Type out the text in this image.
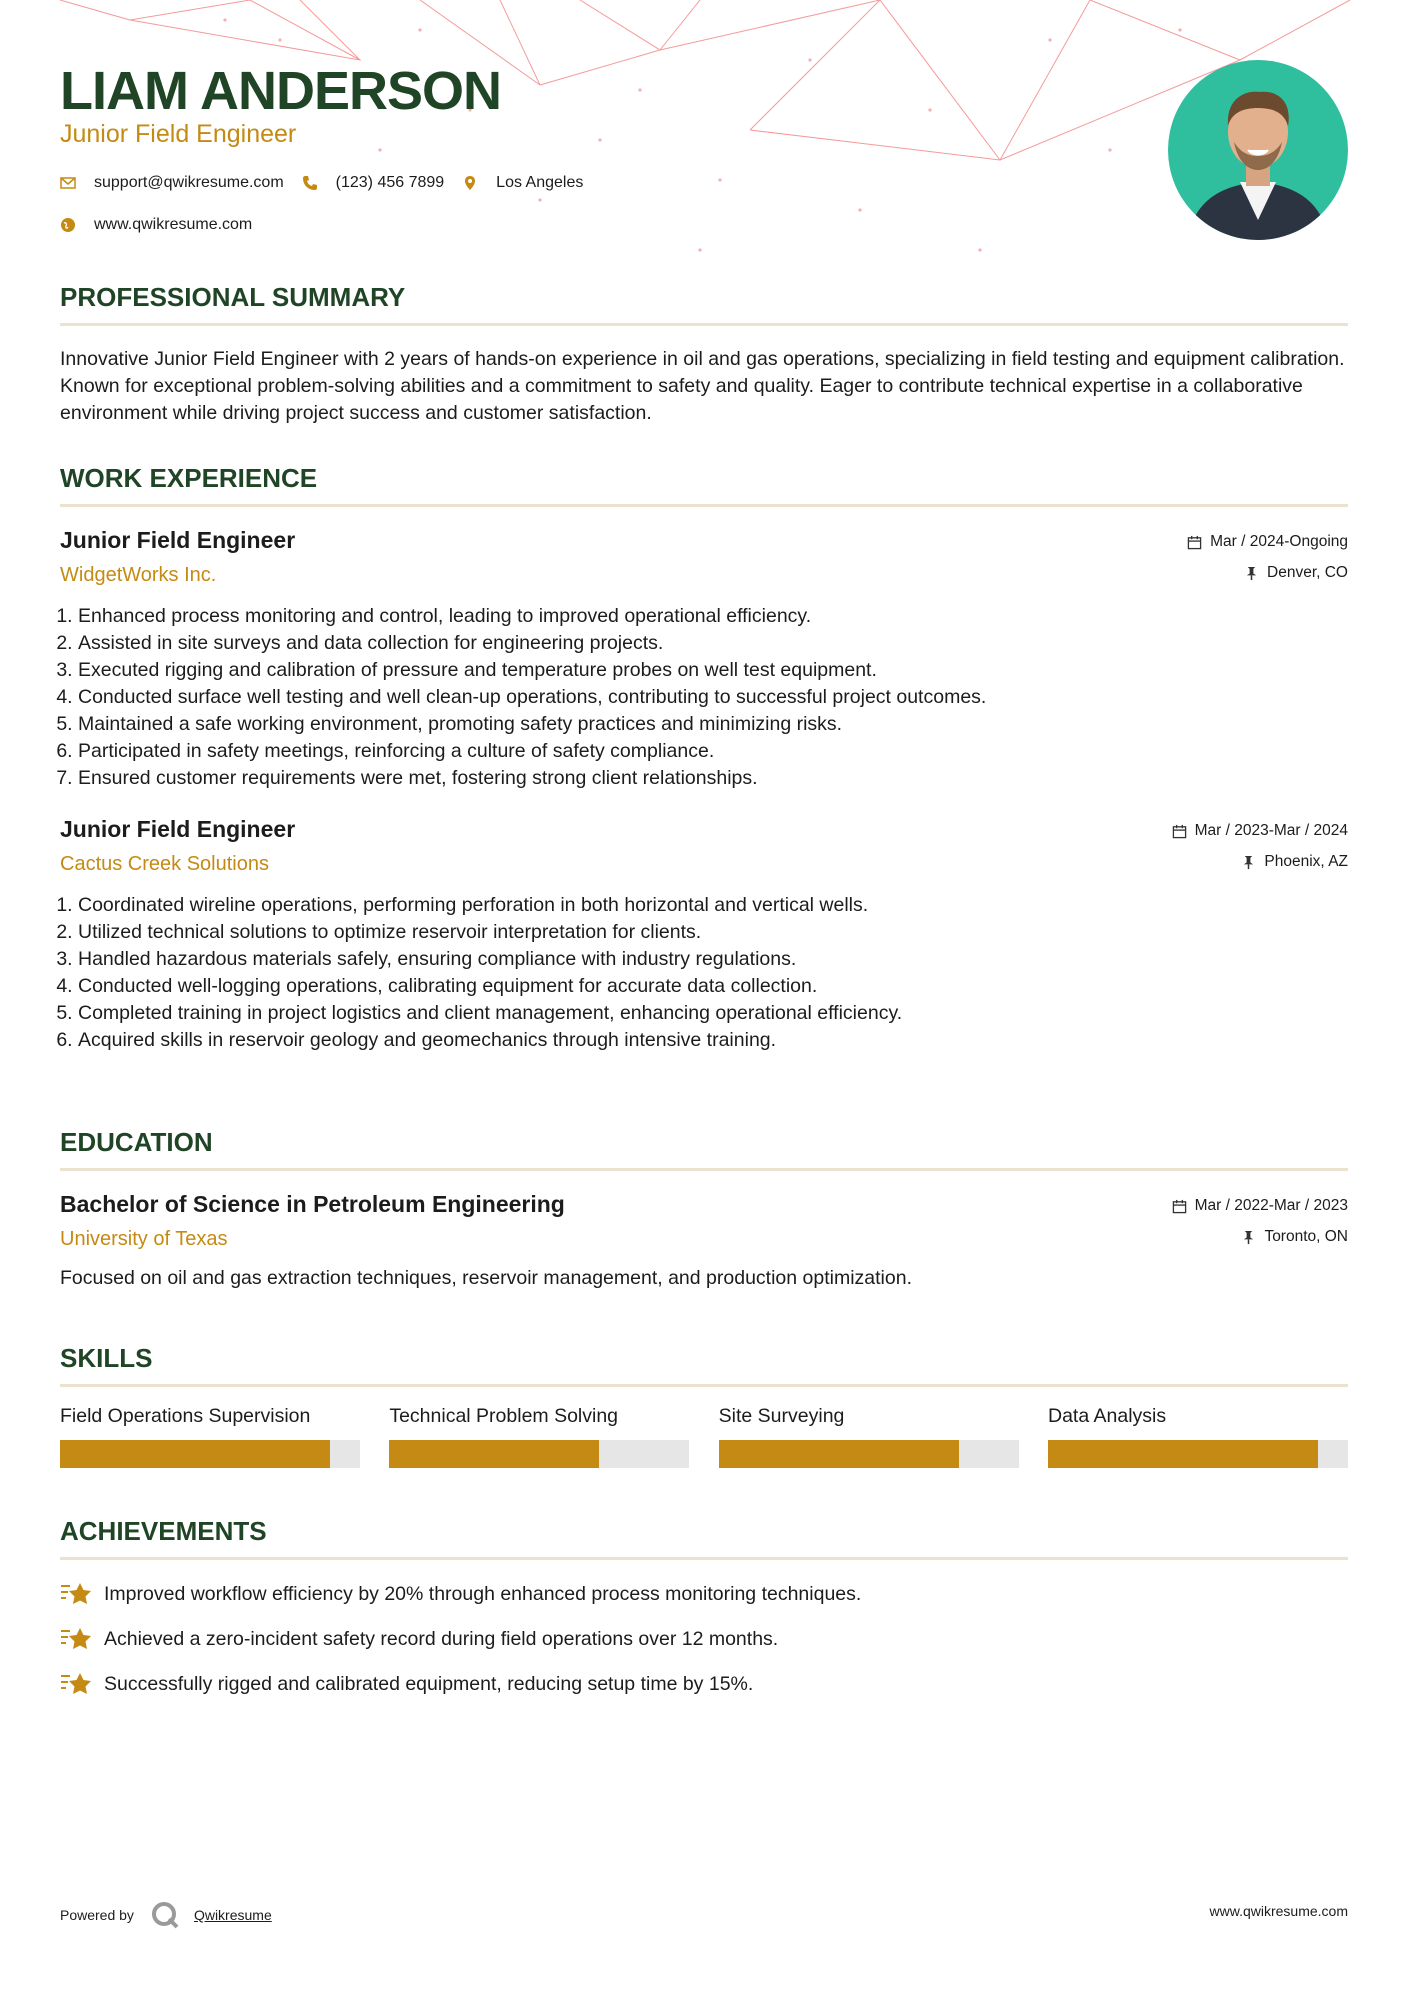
LIAM ANDERSON
Junior Field Engineer
support@qwikresume.com	(123) 456 7899	Los Angeles
www.qwikresume.com
PROFESSIONAL SUMMARY

Innovative Junior Field Engineer with 2 years of hands-on experience in oil and gas operations, specializing in field testing and equipment calibration. Known for exceptional problem-solving abilities and a commitment to safety and quality. Eager to contribute technical expertise in a collaborative environment while driving project success and customer satisfaction.

WORK EXPERIENCE
Junior Field Engineer
WidgetWorks Inc.
Mar / 2024-Ongoing
Denver, CO
1. Enhanced process monitoring and control, leading to improved operational efficiency.
2. Assisted in site surveys and data collection for engineering projects.
3. Executed rigging and calibration of pressure and temperature probes on well test equipment.
4. Conducted surface well testing and well clean-up operations, contributing to successful project outcomes.
5. Maintained a safe working environment, promoting safety practices and minimizing risks.
6. Participated in safety meetings, reinforcing a culture of safety compliance.
7. Ensured customer requirements were met, fostering strong client relationships.
Junior Field Engineer
Cactus Creek Solutions
Mar / 2023-Mar / 2024
Phoenix, AZ
1. Coordinated wireline operations, performing perforation in both horizontal and vertical wells.
2. Utilized technical solutions to optimize reservoir interpretation for clients.
3. Handled hazardous materials safely, ensuring compliance with industry regulations.
4. Conducted well-logging operations, calibrating equipment for accurate data collection.
5. Completed training in project logistics and client management, enhancing operational efficiency.
6. Acquired skills in reservoir geology and geomechanics through intensive training.
EDUCATION
Bachelor of Science in Petroleum Engineering
University of Texas
Mar / 2022-Mar / 2023
Toronto, ON

Focused on oil and gas extraction techniques, reservoir management, and production optimization.

SKILLS
Field Operations Supervision	Technical Problem Solving	Site Surveying	Data Analysis
ACHIEVEMENTS
Improved workflow efficiency by 20% through enhanced process monitoring techniques.
Achieved a zero-incident safety record during field operations over 12 months.
Successfully rigged and calibrated equipment, reducing setup time by 15%.
Powered by	Qwikresume	www.qwikresume.com
